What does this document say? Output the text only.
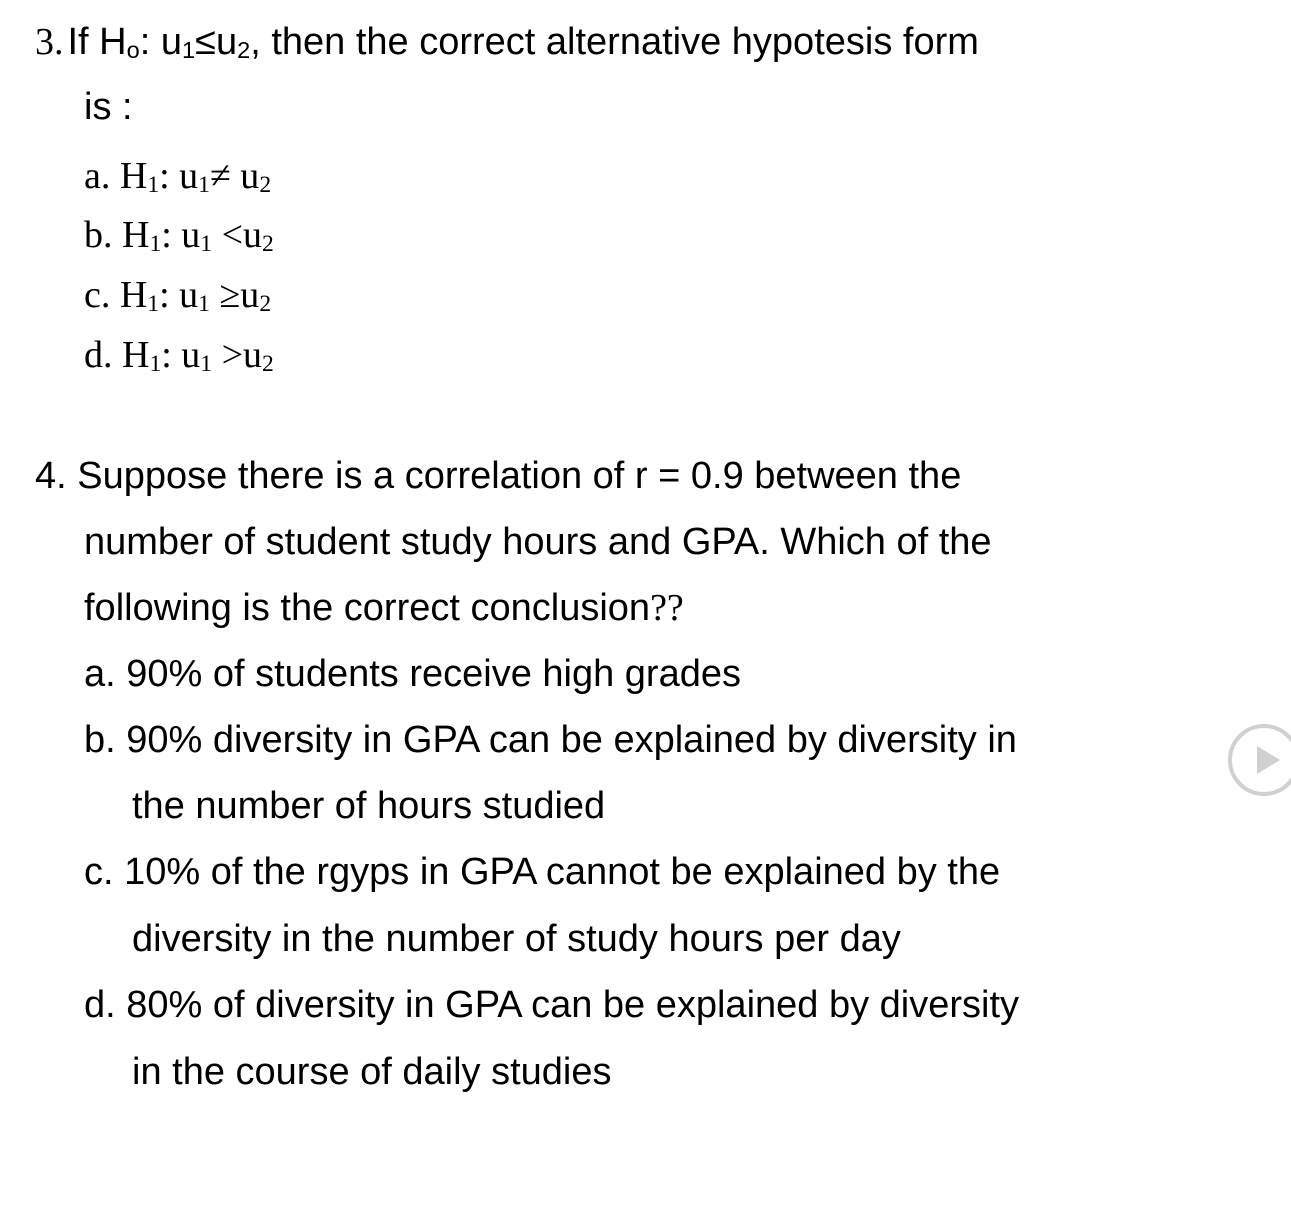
3. If Ho: u1≤u2, then the correct alternative hypotesis form
is :
a. H1: u1≠ u2
b. H1: u1 <u2
c. H1: u1 ≥u2
d. H1: u1 >u2
4. Suppose there is a correlation of r = 0.9 between the
number of student study hours and GPA. Which of the
following is the correct conclusion??
a. 90% of students receive high grades
b. 90% diversity in GPA can be explained by diversity in
the number of hours studied
c. 10% of the rgyps in GPA cannot be explained by the
diversity in the number of study hours per day
d. 80% of diversity in GPA can be explained by diversity
in the course of daily studies
